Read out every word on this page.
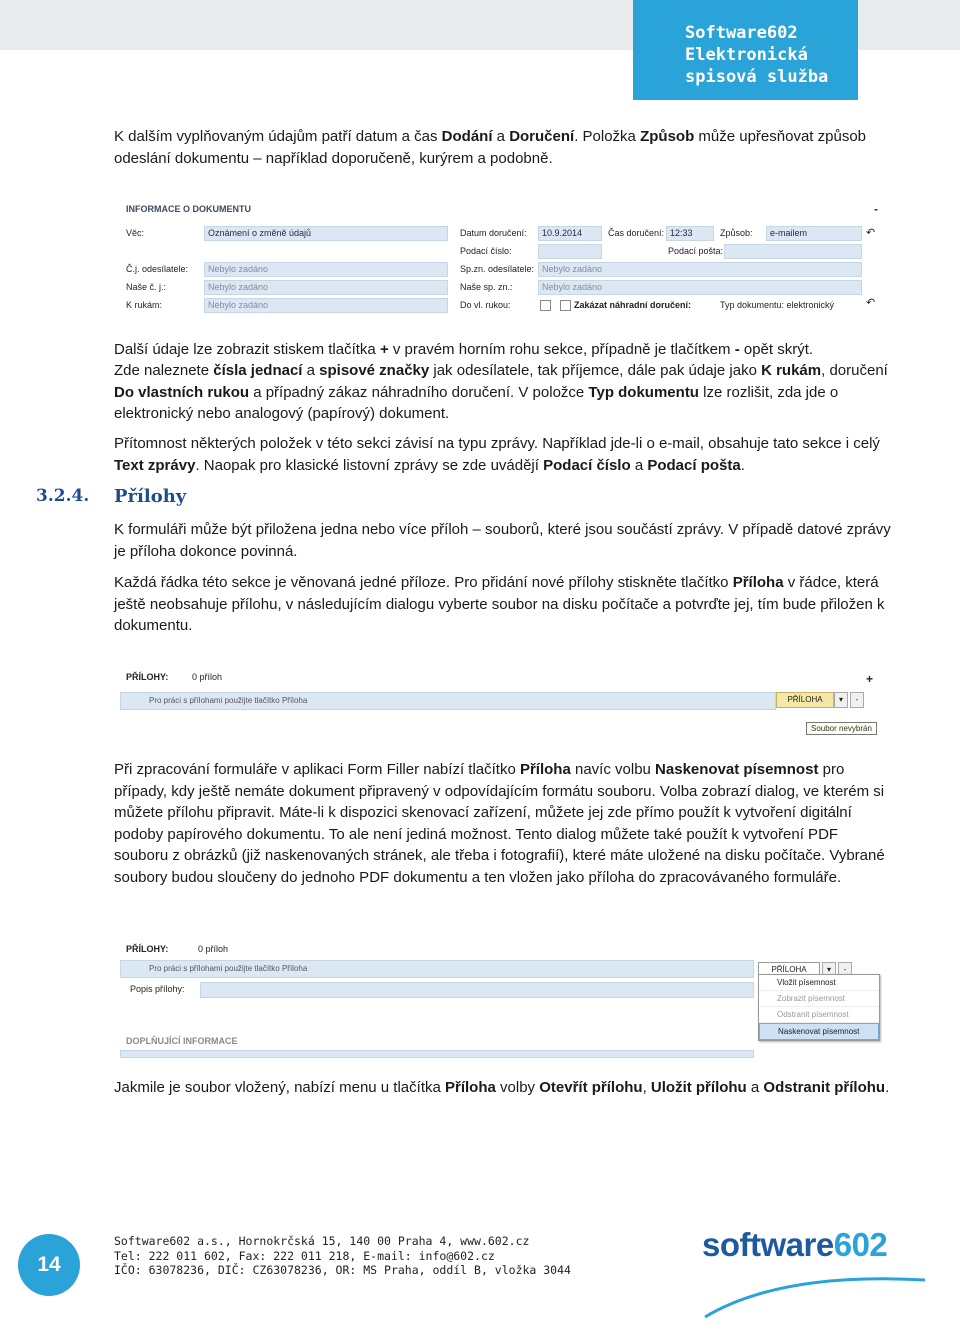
Software602
Elektronická
spisová služba
K dalším vyplňovaným údajům patří datum a čas Dodání a Doručení. Položka Způsob může upřesňovat způsob odeslání dokumentu – například doporučeně, kurýrem a podobně.
INFORMACE O DOKUMENTU	-
Věc:	Oznámení o změně údajů	Datum doručení:	10.9.2014	Čas doručení: 12:33	Způsob:	e-mailem	↶
Podací číslo:	Podací pošta:
Č.j. odesílatele:	Nebylo zadáno	Sp.zn. odesílatele: Nebylo zadáno
Naše č. j.:	Nebylo zadáno	Naše sp. zn.:	Nebylo zadáno
K rukám:	Nebylo zadáno	Do vl. rukou:	Zakázat náhradní doručení:	Typ dokumentu: elektronický	↶
Další údaje lze zobrazit stiskem tlačítka + v pravém horním rohu sekce, případně je tlačítkem - opět skrýt.
Zde naleznete čísla jednací a spisové značky jak odesílatele, tak příjemce, dále pak údaje jako K rukám, doručení Do vlastních rukou a případný zákaz náhradního doručení. V položce Typ dokumentu lze rozlišit, zda jde o elektronický nebo analogový (papírový) dokument.
Přítomnost některých položek v této sekci závisí na typu zprávy. Například jde-li o e-mail, obsahuje tato sekce i celý Text zprávy. Naopak pro klasické listovní zprávy se zde uvádějí Podací číslo a Podací pošta.
3.2.4. Přílohy
K formuláři může být přiložena jedna nebo více příloh – souborů, které jsou součástí zprávy. V případě datové zprávy je příloha dokonce povinná.
Každá řádka této sekce je věnovaná jedné příloze. Pro přidání nové přílohy stiskněte tlačítko Příloha v řádce, která ještě neobsahuje přílohu, v následujícím dialogu vyberte soubor na disku počítače a potvrďte jej, tím bude přiložen k dokumentu.
PŘÍLOHY:	0 příloh	+
Pro práci s přílohami použijte tlačítko Příloha	PŘÍLOHA	▾	-
Soubor nevybrán
Při zpracování formuláře v aplikaci Form Filler nabízí tlačítko Příloha navíc volbu Naskenovat písemnost pro případy, kdy ještě nemáte dokument připravený v odpovídajícím formátu souboru. Volba zobrazí dialog, ve kterém si můžete přílohu připravit. Máte-li k dispozici skenovací zařízení, můžete jej zde přímo použít k vytvoření digitální podoby papírového dokumentu. To ale není jediná možnost. Tento dialog můžete také použít k vytvoření PDF souboru z obrázků (již naskenovaných stránek, ale třeba i fotografií), které máte uložené na disku počítače. Vybrané soubory budou sloučeny do jednoho PDF dokumentu a ten vložen jako příloha do zpracovávaného formuláře.
PŘÍLOHY:	0 příloh
Pro práci s přílohami použijte tlačítko Příloha	PŘÍLOHA	▾	-
Popis přílohy:
DOPLŇUJÍCÍ INFORMACE
Vložit písemnost
Zobrazit písemnost
Odstranit písemnost
Naskenovat písemnost
Jakmile je soubor vložený, nabízí menu u tlačítka Příloha volby Otevřít přílohu, Uložit přílohu a Odstranit přílohu.
14
Software602 a.s., Hornokrčská 15, 140 00 Praha 4, www.602.cz
Tel: 222 011 602, Fax: 222 011 218, E-mail: info@602.cz
IČO: 63078236, DIČ: CZ63078236, OR: MS Praha, oddíl B, vložka 3044
software602
